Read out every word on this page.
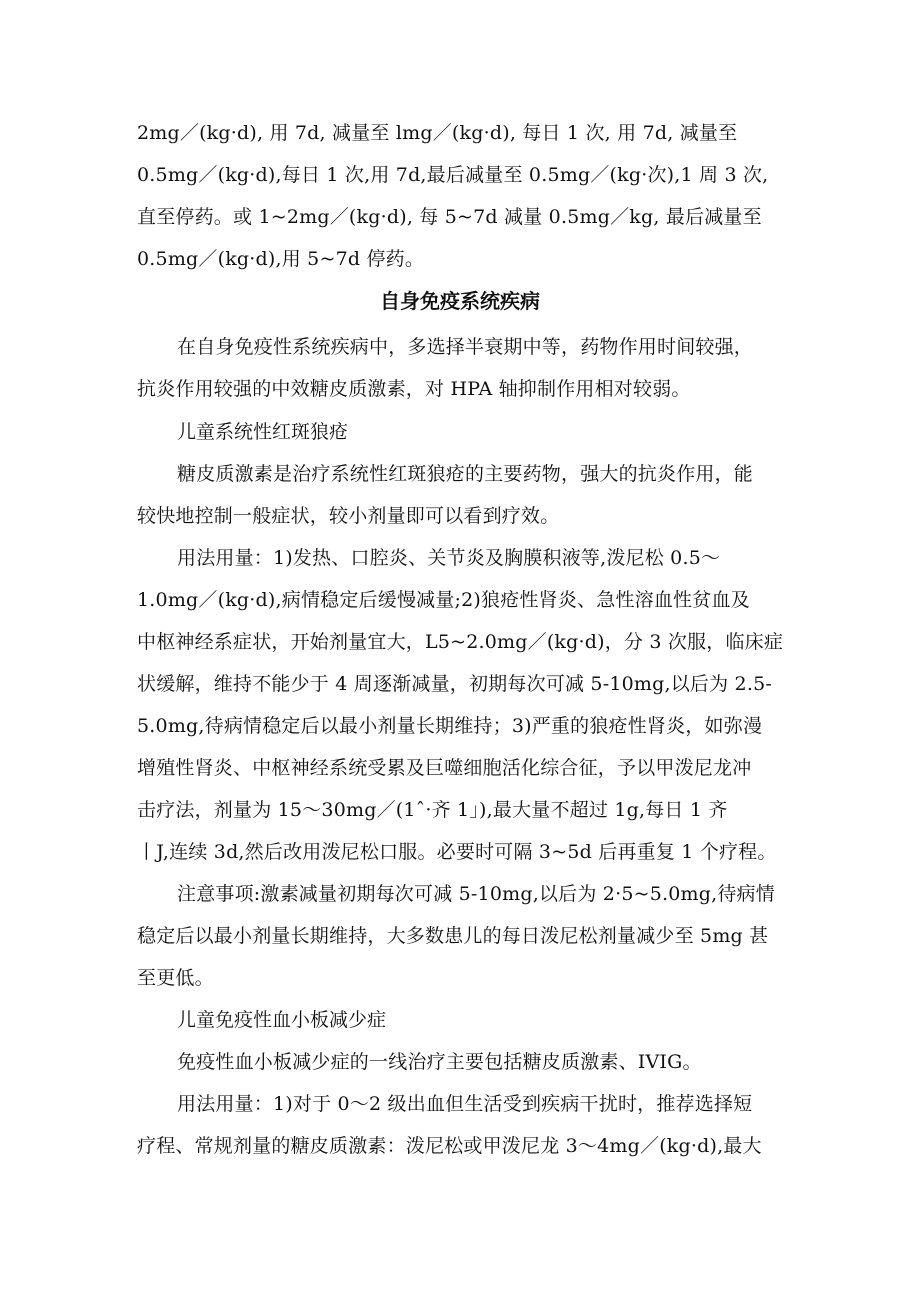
2mg／(kg·d), 用 7d, 减量至 lmg／(kg·d), 每日 1 次, 用 7d, 减量至
0.5mg／(kg·d),每日 1 次,用 7d,最后减量至 0.5mg／(kg·次),1 周 3 次,
直至停药。或 1~2mg／(kg·d), 每 5~7d 减量 0.5mg／kg, 最后减量至
0.5mg／(kg·d),用 5~7d 停药。
自身免疫系统疾病
在自身免疫性系统疾病中，多选择半衰期中等，药物作用时间较强，
抗炎作用较强的中效糖皮质激素，对 HPA 轴抑制作用相对较弱。
儿童系统性红斑狼疮
糖皮质激素是治疗系统性红斑狼疮的主要药物，强大的抗炎作用，能
较快地控制一般症状，较小剂量即可以看到疗效。
用法用量：1)发热、口腔炎、关节炎及胸膜积液等,泼尼松 0.5～
1.0mg／(kg·d),病情稳定后缓慢减量;2)狼疮性肾炎、急性溶血性贫血及
中枢神经系症状，开始剂量宜大，L5~2.0mg／(kg·d)，分 3 次服，临床症
状缓解，维持不能少于 4 周逐渐减量，初期每次可减 5-10mg,以后为 2.5-
5.0mg,待病情稳定后以最小剂量长期维持；3)严重的狼疮性肾炎，如弥漫
增殖性肾炎、中枢神经系统受累及巨噬细胞活化综合征，予以甲泼尼龙冲
击疗法，剂量为 15～30mg／(1ˆ·齐 1」),最大量不超过 1g,每日 1 齐
丨J,连续 3d,然后改用泼尼松口服。必要时可隔 3~5d 后再重复 1 个疗程。
注意事项:激素减量初期每次可减 5-10mg,以后为 2·5~5.0mg,待病情
稳定后以最小剂量长期维持，大多数患儿的每日泼尼松剂量减少至 5mg 甚
至更低。
儿童免疫性血小板减少症
免疫性血小板减少症的一线治疗主要包括糖皮质激素、IVIG。
用法用量：1)对于 0～2 级出血但生活受到疾病干扰时，推荐选择短
疗程、常规剂量的糖皮质激素：泼尼松或甲泼尼龙 3～4mg／(kg·d),最大
